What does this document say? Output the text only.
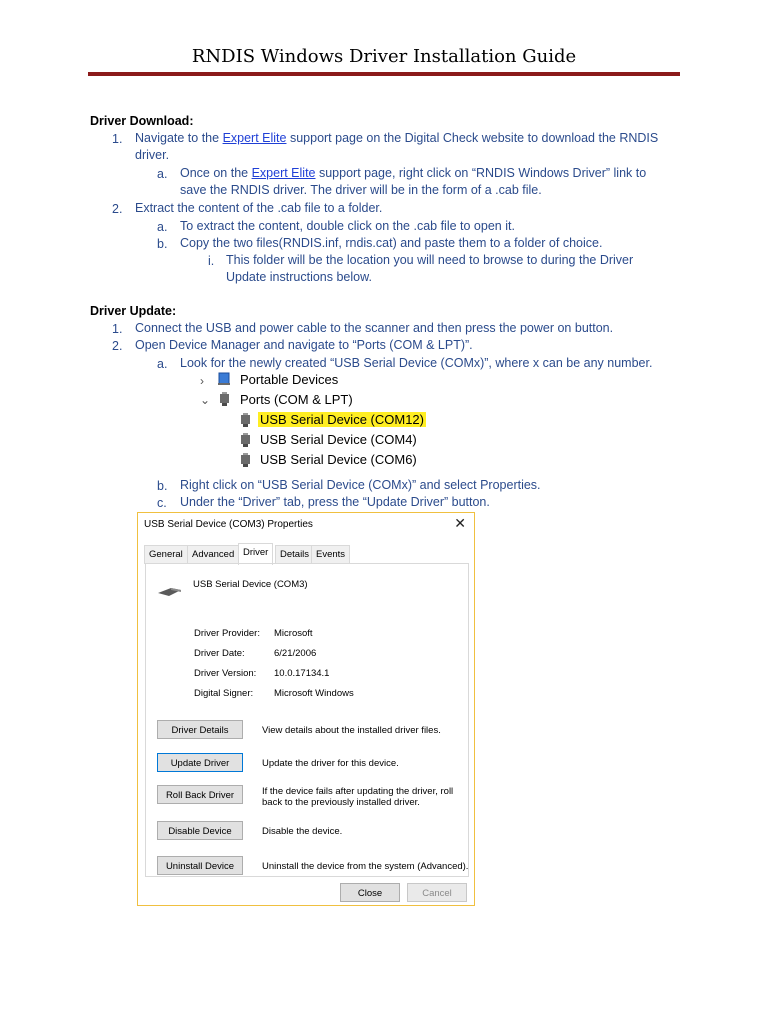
RNDIS Windows Driver Installation Guide
Driver Download:
1. Navigate to the Expert Elite support page on the Digital Check website to download the RNDIS
driver.
a. Once on the Expert Elite support page, right click on “RNDIS Windows Driver” link to
save the RNDIS driver. The driver will be in the form of a .cab file.
2. Extract the content of the .cab file to a folder.
a. To extract the content, double click on the .cab file to open it.
b. Copy the two files(RNDIS.inf, rndis.cat) and paste them to a folder of choice.
i. This folder will be the location you will need to browse to during the Driver
Update instructions below.
Driver Update:
1. Connect the USB and power cable to the scanner and then press the power on button.
2. Open Device Manager and navigate to “Ports (COM & LPT)”.
a. Look for the newly created “USB Serial Device (COMx)”, where x can be any number.
›	Portable Devices
⌄ Ports (COM & LPT)
USB Serial Device (COM12)
USB Serial Device (COM4)
USB Serial Device (COM6)
b. Right click on “USB Serial Device (COMx)” and select Properties.
c. Under the “Driver” tab, press the “Update Driver” button.
USB Serial Device (COM3) Properties	✕
General Advanced Driver	Details Events
USB Serial Device (COM3)
Driver Provider: Microsoft
Driver Date:	6/21/2006
Driver Version: 10.0.17134.1
Digital Signer: Microsoft Windows
Driver Details	View details about the installed driver files.
Update Driver	Update the driver for this device.
Roll Back Driver	If the device fails after updating the driver, roll
back to the previously installed driver.
Disable Device	Disable the device.
Uninstall Device	Uninstall the device from the system (Advanced).
Close	Cancel
